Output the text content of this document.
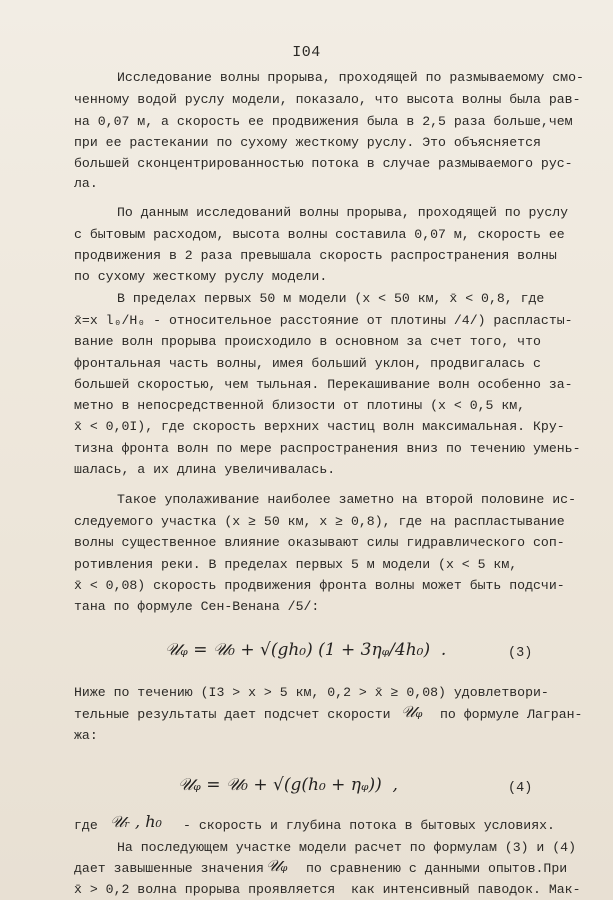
I04
Исследование волны прорыва, проходящей по размываемому смо-
ченному водой руслу модели, показало, что высота волны была рав-
на 0,07 м, а скорость ее продвижения была в 2,5 раза больше,чем
при ее растекании по сухому жесткому руслу. Это объясняется
большей сконцентрированностью потока в случае размываемого рус-
ла.
По данным исследований волны прорыва, проходящей по руслу
с бытовым расходом, высота волны составила 0,07 м, скорость ее
продвижения в 2 раза превышала скорость распространения волны
по сухому жесткому руслу модели.
В пределах первых 50 м модели (x < 50 км, x̄ < 0,8, где
x̄=x l₀/H₀ - относительное расстояние от плотины /4/) распласты-
вание волн прорыва происходило в основном за счет того, что
фронтальная часть волны, имея больший уклон, продвигалась с
большей скоростью, чем тыльная. Перекашивание волн особенно за-
метно в непосредственной близости от плотины (x < 0,5 км,
x̄ < 0,0I), где скорость верхних частиц волн максимальная. Кру-
тизна фронта волн по мере распространения вниз по течению умень-
шалась, а их длина увеличивалась.
Такое уполаживание наиболее заметно на второй половине ис-
следуемого участка (x ≥ 50 км, x ≥ 0,8), где на распластывание
волны существенное влияние оказывают силы гидравлического соп-
ротивления реки. В пределах первых 5 м модели (x < 5 км,
x̄ < 0,08) скорость продвижения фронта волны может быть подсчи-
тана по формуле Сен-Венана /5/:
𝒰ᵩ = 𝒰₀ + √(gh₀) (1 + 3ηᵩ/4h₀)  .	(3)
Ниже по течению (I3 > x > 5 км, 0,2 > x̄ ≥ 0,08) удовлетвори-
тельные результаты дает подсчет скорости 𝒰ᵩ по формуле Лагран-
жа:
𝒰ᵩ = 𝒰₀ + √(g(h₀ + ηᵩ))  ,	(4)
где 𝒰ᵣ , h₀ - скорость и глубина потока в бытовых условиях.
На последующем участке модели расчет по формулам (3) и (4)
дает завышенные значения 𝒰ᵩ по сравнению с данными опытов.При
x̄ > 0,2 волна прорыва проявляется  как интенсивный паводок. Мак-
